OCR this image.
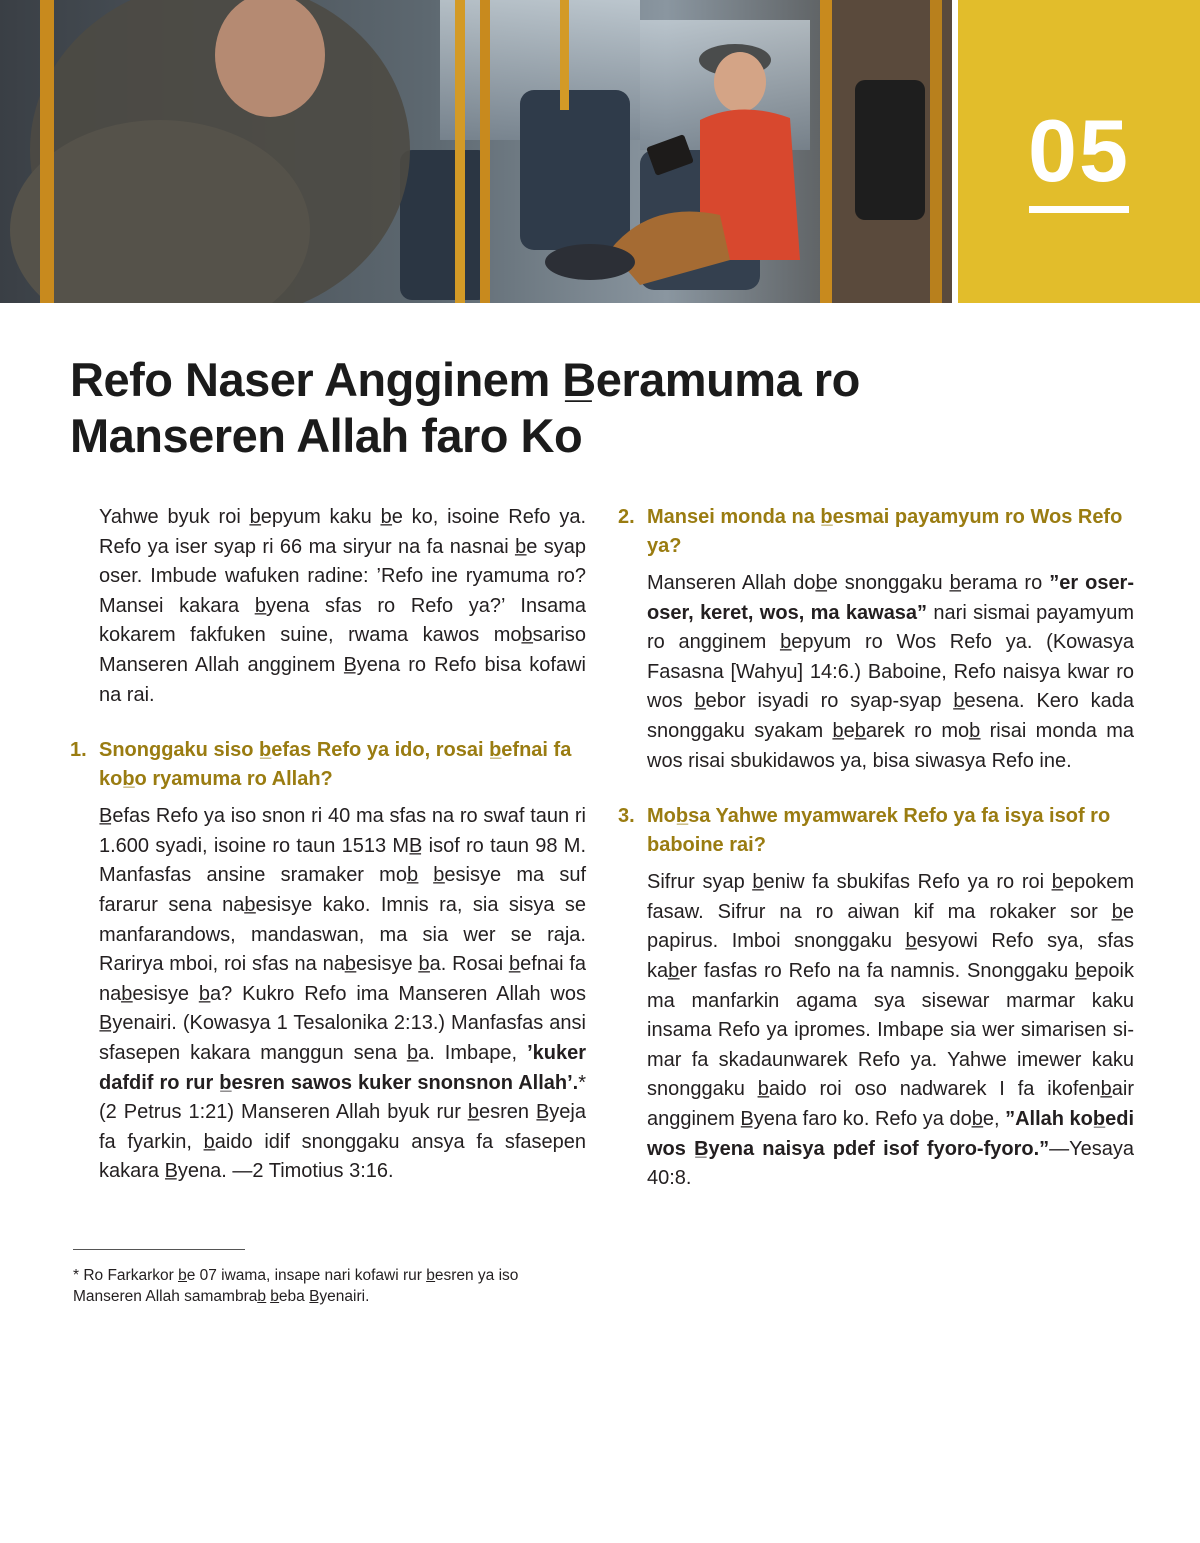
05
Refo Naser Angginem B̲eramuma ro Manseren Allah faro Ko

Yahwe byuk roi b̲epyum kaku b̲e ko, isoine Refo ya. Refo ya iser syap ri 66 ma siryur na fa nasnai b̲e syap oser. Imbude wafuken radine: ’Refo ine ryamuma ro? Mansei kakara b̲yena sfas ro Refo ya?’ Insama kokarem fakfuken suine, rwama kawos mob̲sariso Manseren Allah angginem B̲yena ro Refo bisa kofawi na rai.

1. Snonggaku siso b̲efas Refo ya ido, rosai b̲efnai fa kob̲o ryamuma ro Allah?

B̲efas Refo ya iso snon ri 40 ma sfas na ro swaf taun ri 1.600 syadi, isoine ro taun 1513 MB̲ isof ro taun 98 M. Manfasfas ansine sramaker mob̲ b̲esisye ma suf fararur sena nab̲esisye kako. Imnis ra, sia sisya se manfarandows, mandaswan, ma sia wer se raja. Rarirya mboi, roi sfas na nab̲esisye b̲a. Rosai b̲efnai fa nab̲esisye b̲a? Kukro Refo ima Manseren Allah wos B̲yenairi. (Kowasya 1 Tesalonika 2:13.) Manfasfas ansi sfasepen kakara manggun sena b̲a. Imbape, ’kuker dafdif ro rur b̲esren sawos kuker snonsnon Allah’.* (2 Petrus 1:21) Manseren Allah byuk rur b̲esren B̲yeja fa fyarkin, b̲aido idif snonggaku ansya fa sfasepen kakara B̲yena. —2 Timotius 3:16.

* Ro Farkarkor b̲e 07 iwama, insape nari kofawi rur b̲esren ya iso Manseren Allah samambrab̲ b̲eba B̲yenairi.

2. Mansei monda na b̲esmai payamyum ro Wos Refo ya?

Manseren Allah dob̲e snonggaku b̲erama ro ”er oser-oser, keret, wos, ma kawasa” nari sismai payamyum ro angginem b̲epyum ro Wos Refo ya. (Kowasya Fasasna [Wahyu] 14:6.) Baboine, Refo naisya kwar ro wos b̲ebor isyadi ro syap-syap b̲esena. Kero kada snonggaku syakam b̲eb̲arek ro mob̲ risai monda ma wos risai sbukidawos ya, bisa siwasya Refo ine.

3. Mob̲sa Yahwe myamwarek Refo ya fa isya isof ro baboine rai?

Sifrur syap b̲eniw fa sbukifas Refo ya ro roi b̲epokem fasaw. Sifrur na ro aiwan kif ma rokaker sor b̲e papirus. Imboi snonggaku b̲esyowi Refo sya, sfas kab̲er fasfas ro Refo na fa namnis. Snonggaku b̲epoik ma manfarkin agama sya sisewar marmar kaku insama Refo ya ipromes. Imbape sia wer simarisen simar fa skadaunwarek Refo ya. Yahwe imewer kaku snonggaku b̲aido roi oso nadwarek I fa ikofenb̲air angginem B̲yena faro ko. Refo ya dob̲e, ”Allah kob̲edi wos B̲yena naisya pdef isof fyoro-fyoro.”—Yesaya 40:8.
